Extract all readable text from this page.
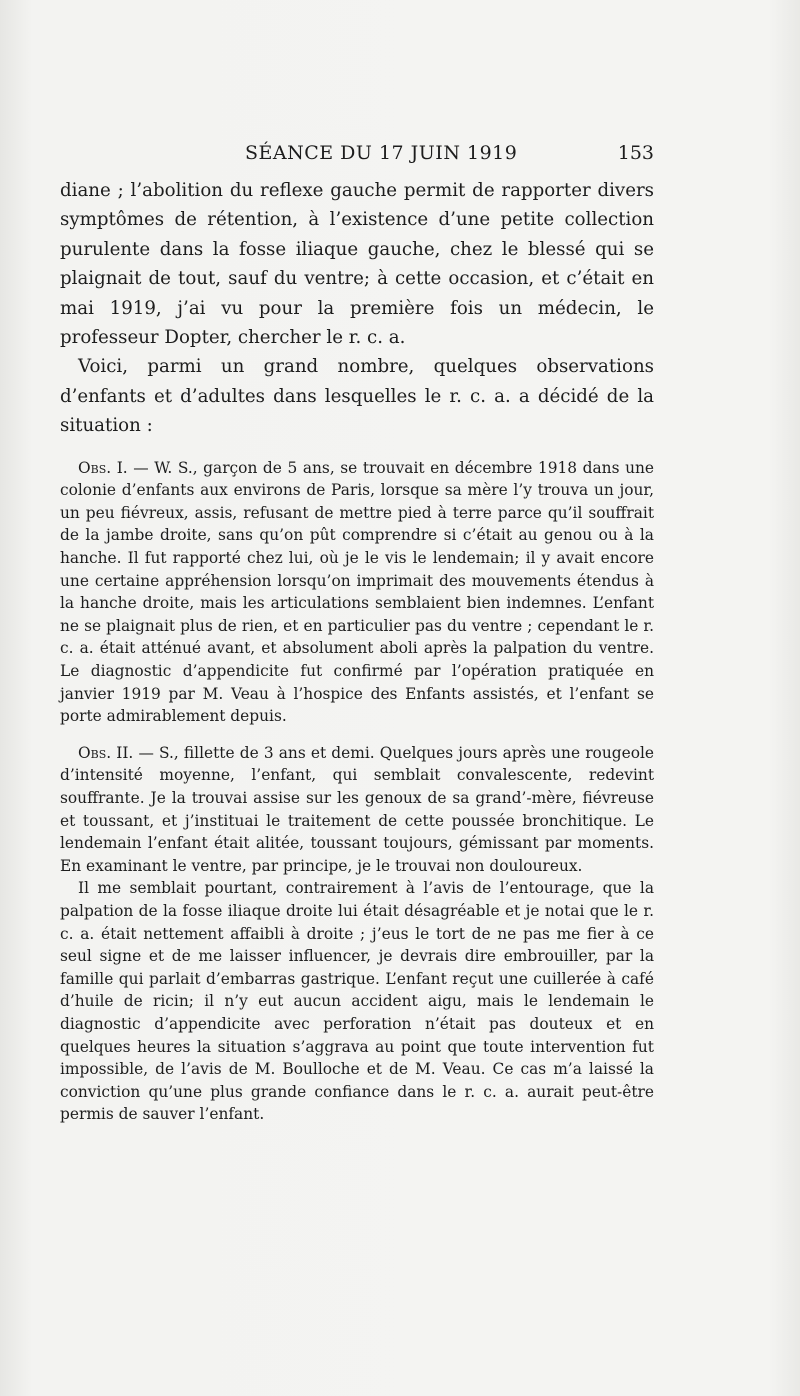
SÉANCE DU 17 JUIN 1919	153

diane ; l’abolition du reflexe gauche permit de rapporter divers symptômes de rétention, à l’existence d’une petite collection purulente dans la fosse iliaque gauche, chez le blessé qui se plaignait de tout, sauf du ventre; à cette occasion, et c’était en mai 1919, j’ai vu pour la première fois un médecin, le professeur Dopter, chercher le r. c. a.

Voici, parmi un grand nombre, quelques observations d’enfants et d’adultes dans lesquelles le r. c. a. a décidé de la situation :

Obs. I. — W. S., garçon de 5 ans, se trouvait en décembre 1918 dans une colonie d’enfants aux environs de Paris, lorsque sa mère l’y trouva un jour, un peu fiévreux, assis, refusant de mettre pied à terre parce qu’il souffrait de la jambe droite, sans qu’on pût comprendre si c’était au genou ou à la hanche. Il fut rapporté chez lui, où je le vis le lendemain; il y avait encore une certaine appréhension lorsqu’on imprimait des mouvements étendus à la hanche droite, mais les articulations semblaient bien indemnes. L’enfant ne se plaignait plus de rien, et en particulier pas du ventre ; cependant le r. c. a. était atténué avant, et absolument aboli après la palpation du ventre. Le diagnostic d’appendicite fut confirmé par l’opération pratiquée en janvier 1919 par M. Veau à l’hospice des Enfants assistés, et l’enfant se porte admirablement depuis.

Obs. II. — S., fillette de 3 ans et demi. Quelques jours après une rougeole d’intensité moyenne, l’enfant, qui semblait convalescente, redevint souffrante. Je la trouvai assise sur les genoux de sa grand’-mère, fiévreuse et toussant, et j’instituai le traitement de cette poussée bronchitique. Le lendemain l’enfant était alitée, toussant toujours, gémissant par moments. En examinant le ventre, par principe, je le trouvai non douloureux.

Il me semblait pourtant, contrairement à l’avis de l’entourage, que la palpation de la fosse iliaque droite lui était désagréable et je notai que le r. c. a. était nettement affaibli à droite ; j’eus le tort de ne pas me fier à ce seul signe et de me laisser influencer, je devrais dire embrouiller, par la famille qui parlait d’embarras gastrique. L’enfant reçut une cuillerée à café d’huile de ricin; il n’y eut aucun accident aigu, mais le lendemain le diagnostic d’appendicite avec perforation n’était pas douteux et en quelques heures la situation s’aggrava au point que toute intervention fut impossible, de l’avis de M. Boulloche et de M. Veau. Ce cas m’a laissé la conviction qu’une plus grande confiance dans le r. c. a. aurait peut-être permis de sauver l’enfant.
